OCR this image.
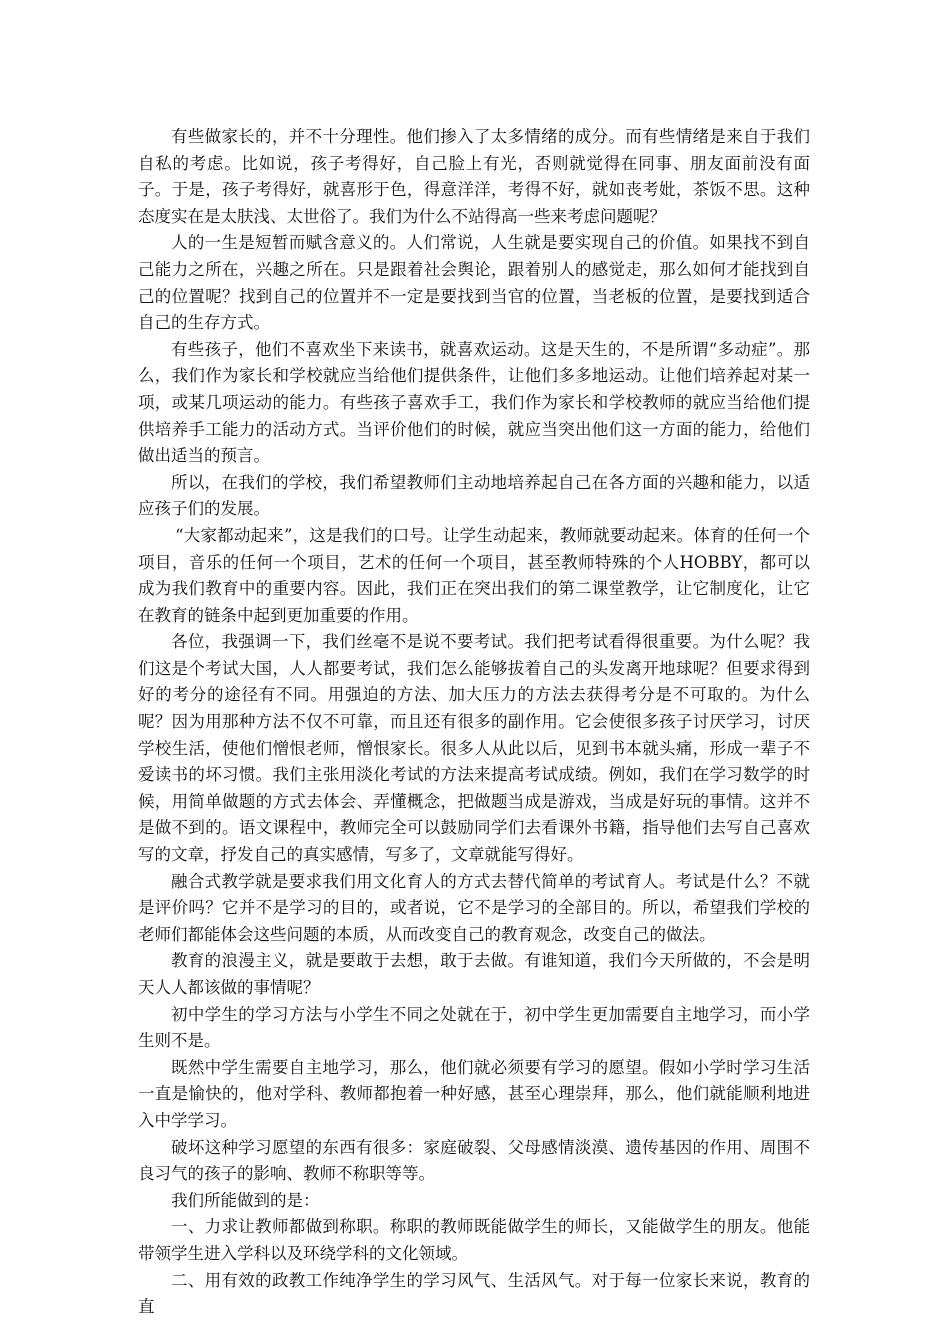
有些做家长的，并不十分理性。他们掺入了太多情绪的成分。而有些情绪是来自于我们自私的考虑。比如说，孩子考得好，自己脸上有光，否则就觉得在同事、朋友面前没有面子。于是，孩子考得好，就喜形于色，得意洋洋，考得不好，就如丧考妣，茶饭不思。这种态度实在是太肤浅、太世俗了。我们为什么不站得高一些来考虑问题呢？

人的一生是短暂而赋含意义的。人们常说，人生就是要实现自己的价值。如果找不到自己能力之所在，兴趣之所在。只是跟着社会舆论，跟着别人的感觉走，那么如何才能找到自己的位置呢？找到自己的位置并不一定是要找到当官的位置，当老板的位置，是要找到适合自己的生存方式。

有些孩子，他们不喜欢坐下来读书，就喜欢运动。这是天生的，不是所谓“多动症”。那么，我们作为家长和学校就应当给他们提供条件，让他们多多地运动。让他们培养起对某一项，或某几项运动的能力。有些孩子喜欢手工，我们作为家长和学校教师的就应当给他们提供培养手工能力的活动方式。当评价他们的时候，就应当突出他们这一方面的能力，给他们做出适当的预言。

所以，在我们的学校，我们希望教师们主动地培养起自己在各方面的兴趣和能力，以适应孩子们的发展。

“大家都动起来”，这是我们的口号。让学生动起来，教师就要动起来。体育的任何一个项目，音乐的任何一个项目，艺术的任何一个项目，甚至教师特殊的个人HOBBY，都可以成为我们教育中的重要内容。因此，我们正在突出我们的第二课堂教学，让它制度化，让它在教育的链条中起到更加重要的作用。

各位，我强调一下，我们丝毫不是说不要考试。我们把考试看得很重要。为什么呢？我们这是个考试大国，人人都要考试，我们怎么能够拔着自己的头发离开地球呢？但要求得到好的考分的途径有不同。用强迫的方法、加大压力的方法去获得考分是不可取的。为什么呢？因为用那种方法不仅不可靠，而且还有很多的副作用。它会使很多孩子讨厌学习，讨厌学校生活，使他们憎恨老师，憎恨家长。很多人从此以后，见到书本就头痛，形成一辈子不爱读书的坏习惯。我们主张用淡化考试的方法来提高考试成绩。例如，我们在学习数学的时候，用简单做题的方式去体会、弄懂概念，把做题当成是游戏，当成是好玩的事情。这并不是做不到的。语文课程中，教师完全可以鼓励同学们去看课外书籍，指导他们去写自己喜欢写的文章，抒发自己的真实感情，写多了，文章就能写得好。

融合式教学就是要求我们用文化育人的方式去替代简单的考试育人。考试是什么？不就是评价吗？它并不是学习的目的，或者说，它不是学习的全部目的。所以，希望我们学校的老师们都能体会这些问题的本质，从而改变自己的教育观念，改变自己的做法。

教育的浪漫主义，就是要敢于去想，敢于去做。有谁知道，我们今天所做的，不会是明天人人都该做的事情呢？

初中学生的学习方法与小学生不同之处就在于，初中学生更加需要自主地学习，而小学生则不是。

既然中学生需要自主地学习，那么，他们就必须要有学习的愿望。假如小学时学习生活一直是愉快的，他对学科、教师都抱着一种好感，甚至心理崇拜，那么，他们就能顺利地进入中学学习。

破坏这种学习愿望的东西有很多：家庭破裂、父母感情淡漠、遗传基因的作用、周围不良习气的孩子的影响、教师不称职等等。

我们所能做到的是：

一、力求让教师都做到称职。称职的教师既能做学生的师长，又能做学生的朋友。他能带领学生进入学科以及环绕学科的文化领域。

二、用有效的政教工作纯净学生的学习风气、生活风气。对于每一位家长来说，教育的直
